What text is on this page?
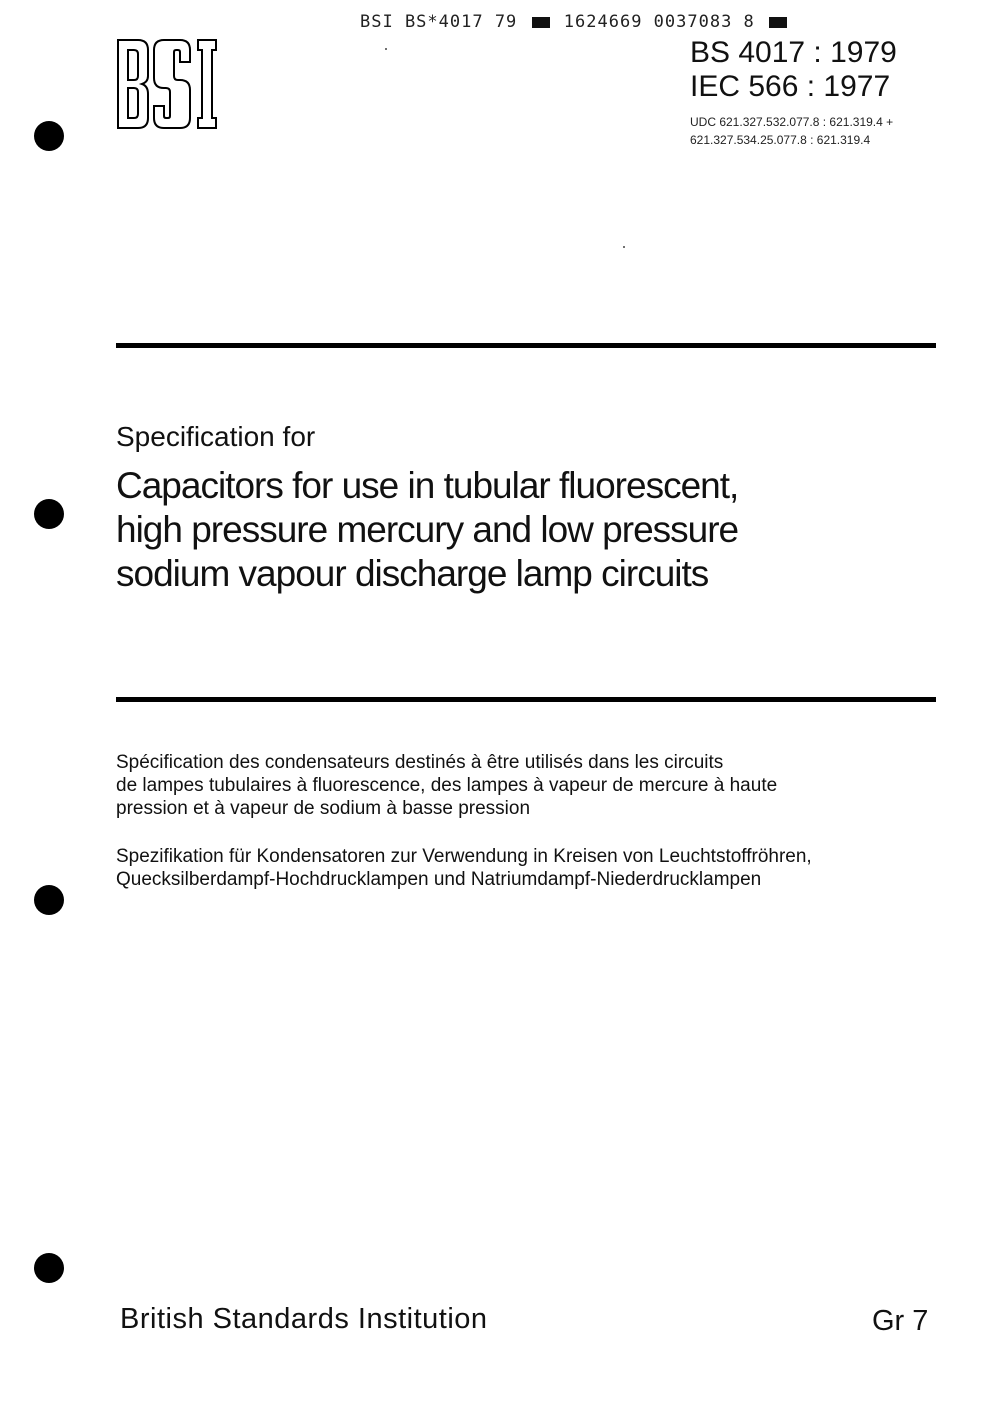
BSI BS*4017 79	1624669 0037083 8
BS 4017 : 1979
IEC 566 : 1977
UDC 621.327.532.077.8 : 621.319.4 +
621.327.534.25.077.8 : 621.319.4
Specification for
Capacitors for use in tubular fluorescent,
high pressure mercury and low pressure
sodium vapour discharge lamp circuits
Spécification des condensateurs destinés à être utilisés dans les circuits
de lampes tubulaires à fluorescence, des lampes à vapeur de mercure à haute
pression et à vapeur de sodium à basse pression
Spezifikation für Kondensatoren zur Verwendung in Kreisen von Leuchtstoffröhren,
Quecksilberdampf-Hochdrucklampen und Natriumdampf-Niederdrucklampen
British Standards Institution	Gr 7
